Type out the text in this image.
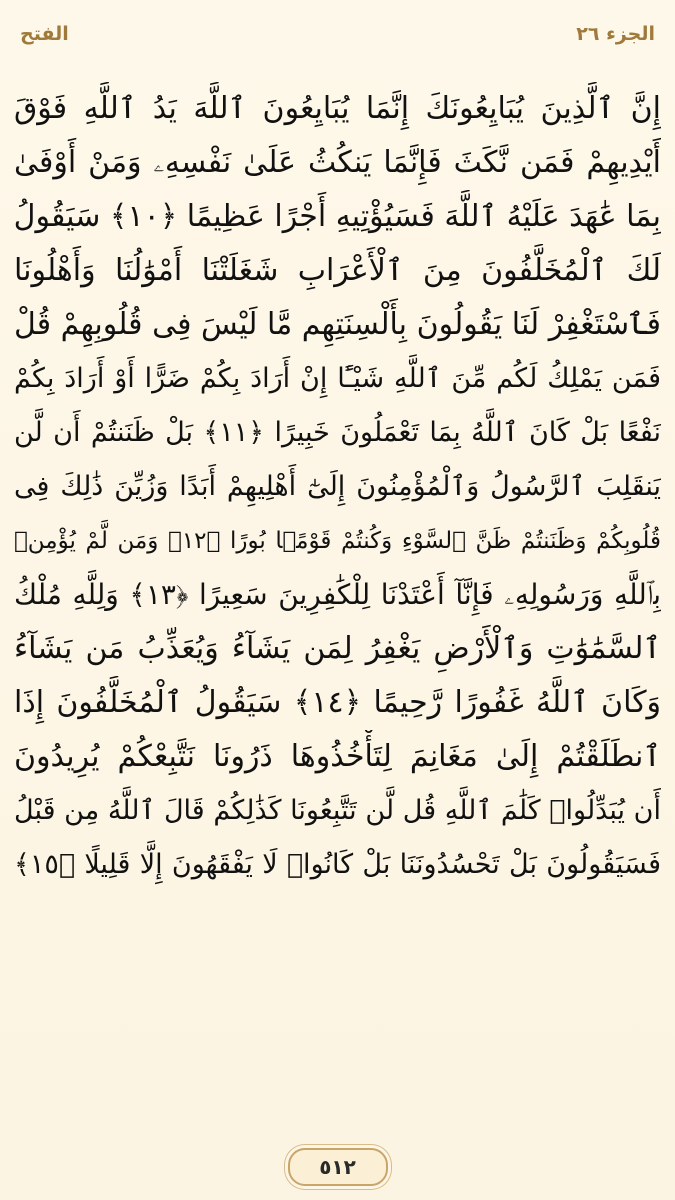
الفتح	الجزء ٢٦
إِنَّ ٱلَّذِينَ يُبَايِعُونَكَ إِنَّمَا يُبَايِعُونَ ٱللَّهَ يَدُ ٱللَّهِ فَوْقَ
أَيْدِيهِمْ فَمَن نَّكَثَ فَإِنَّمَا يَنكُثُ عَلَىٰ نَفْسِهِۦ وَمَنْ أَوْفَىٰ
بِمَا عَٰهَدَ عَلَيْهُ ٱللَّهَ فَسَيُؤْتِيهِ أَجْرًا عَظِيمًا ﴿١٠﴾ سَيَقُولُ
لَكَ ٱلْمُخَلَّفُونَ مِنَ ٱلْأَعْرَابِ شَغَلَتْنَا أَمْوَٰلُنَا وَأَهْلُونَا
فَٱسْتَغْفِرْ لَنَا يَقُولُونَ بِأَلْسِنَتِهِم مَّا لَيْسَ فِى قُلُوبِهِمْ قُلْ
فَمَن يَمْلِكُ لَكُم مِّنَ ٱللَّهِ شَيْـًٔا إِنْ أَرَادَ بِكُمْ ضَرًّا أَوْ أَرَادَ بِكُمْ
نَفْعًا بَلْ كَانَ ٱللَّهُ بِمَا تَعْمَلُونَ خَبِيرًا ﴿١١﴾ بَلْ ظَنَنتُمْ أَن لَّن
يَنقَلِبَ ٱلرَّسُولُ وَٱلْمُؤْمِنُونَ إِلَىٰٓ أَهْلِيهِمْ أَبَدًا وَزُيِّنَ ذَٰلِكَ فِى
قُلُوبِكُمْ وَظَنَنتُمْ ظَنَّ ٱلسَّوْءِ وَكُنتُمْ قَوْمًۢا بُورًا ﴿١٢﴾ وَمَن لَّمْ يُؤْمِنۢ
بِٱللَّهِ وَرَسُولِهِۦ فَإِنَّآ أَعْتَدْنَا لِلْكَٰفِرِينَ سَعِيرًا ﴿١٣﴾ وَلِلَّهِ مُلْكُ
ٱلسَّمَٰوَٰتِ وَٱلْأَرْضِ يَغْفِرُ لِمَن يَشَآءُ وَيُعَذِّبُ مَن يَشَآءُ
وَكَانَ ٱللَّهُ غَفُورًا رَّحِيمًا ﴿١٤﴾ سَيَقُولُ ٱلْمُخَلَّفُونَ إِذَا
ٱنطَلَقْتُمْ إِلَىٰ مَغَانِمَ لِتَأْخُذُوهَا ذَرُونَا نَتَّبِعْكُمْ يُرِيدُونَ
أَن يُبَدِّلُوا۟ كَلَٰمَ ٱللَّهِ قُل لَّن تَتَّبِعُونَا كَذَٰلِكُمْ قَالَ ٱللَّهُ مِن قَبْلُ
فَسَيَقُولُونَ بَلْ تَحْسُدُونَنَا بَلْ كَانُوا۟ لَا يَفْقَهُونَ إِلَّا قَلِيلًا ﴿١٥﴾
٥١٢
